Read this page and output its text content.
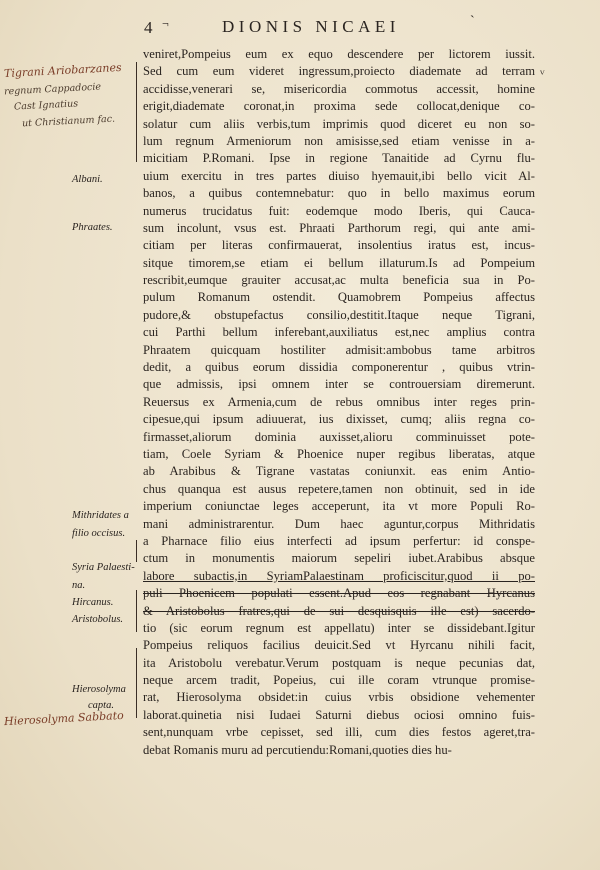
4 ¬	DIONIS NICAEI	ˋ
Tigrani Ariobarzanes
regnum Cappadocie
Cast Ignatius
ut Christianum fac.
Hierosolyma Sabbato
ⱽ
Albani.
Phraates.
Mithridates a
filio occisus.
Syria Palaesti-
na.
Hircanus.
Aristobolus.
Hierosolyma
capta.
veniret,Pompeius eum ex equo descendere per lictorem iussit.
Sed cum eum videret ingressum,proiecto diademate ad terram
accidisse,venerari se, misericordia commotus accessit, homine
erigit,diademate coronat,in proxima sede collocat,denique co-
solatur cum aliis verbis,tum imprimis quod diceret eu non so-
lum regnum Armeniorum non amisisse,sed etiam venisse in a-
micitiam P.Romani. Ipse in regione Tanaitide ad Cyrnu flu-
uium exercitu in tres partes diuiso hyemauit,ibi bello vicit Al-
banos, a quibus contemnebatur: quo in bello maximus eorum
numerus trucidatus fuit: eodemque modo Iberis, qui Cauca-
sum incolunt, vsus est. Phraati Parthorum regi, qui ante ami-
citiam per literas confirmauerat, insolentius iratus est, incus-
sitque timorem,se etiam ei bellum illaturum.Is ad Pompeium
rescribit,eumque grauiter accusat,ac multa beneficia sua in Po-
pulum Romanum ostendit. Quamobrem Pompeius affectus
pudore,& obstupefactus consilio,destitit.Itaque neque Tigrani,
cui Parthi bellum inferebant,auxiliatus est,nec amplius contra
Phraatem quicquam hostiliter admisit:ambobus tame arbitros
dedit, a quibus eorum dissidia componerentur , quibus vtrin-
que admissis, ipsi omnem inter se controuersiam diremerunt.
Reuersus ex Armenia,cum de rebus omnibus inter reges prin-
cipesue,qui ipsum adiuuerat, ius dixisset, cumq; aliis regna co-
firmasset,aliorum dominia auxisset,alioru comminuisset pote-
tiam, Coele Syriam & Phoenice nuper regibus liberatas, atque
ab Arabibus & Tigrane vastatas coniunxit. eas enim Antio-
chus quanqua est ausus repetere,tamen non obtinuit, sed in ide
imperium coniunctae leges acceperunt, ita vt more Populi Ro-
mani administrarentur. Dum haec aguntur,corpus Mithridatis
a Pharnace filio eius interfecti ad ipsum perfertur: id conspe-
ctum in monumentis maiorum sepeliri iubet.Arabibus absque
labore subactis,in SyriamPalaestinam proficiscitur,quod ii po-
puli Phoenicem populati essent.Apud eos regnabant Hyrcanus
& Aristobolus fratres,qui de sui desquisquis ille est) sacerdo-
tio (sic eorum regnum est appellatu) inter se dissidebant.Igitur
Pompeius reliquos facilius deuicit.Sed vt Hyrcanu nihili facit,
ita Aristobolu verebatur.Verum postquam is neque pecunias dat,
neque arcem tradit, Popeius, cui ille coram vtrunque promise-
rat, Hierosolyma obsidet:in cuius vrbis obsidione vehementer
laborat.quinetia nisi Iudaei Saturni diebus ociosi omnino fuis-
sent,nunquam vrbe cepisset, sed illi, cum dies festos ageret,tra-
debat Romanis muru ad percutiendu:Romani,quoties dies hu-
